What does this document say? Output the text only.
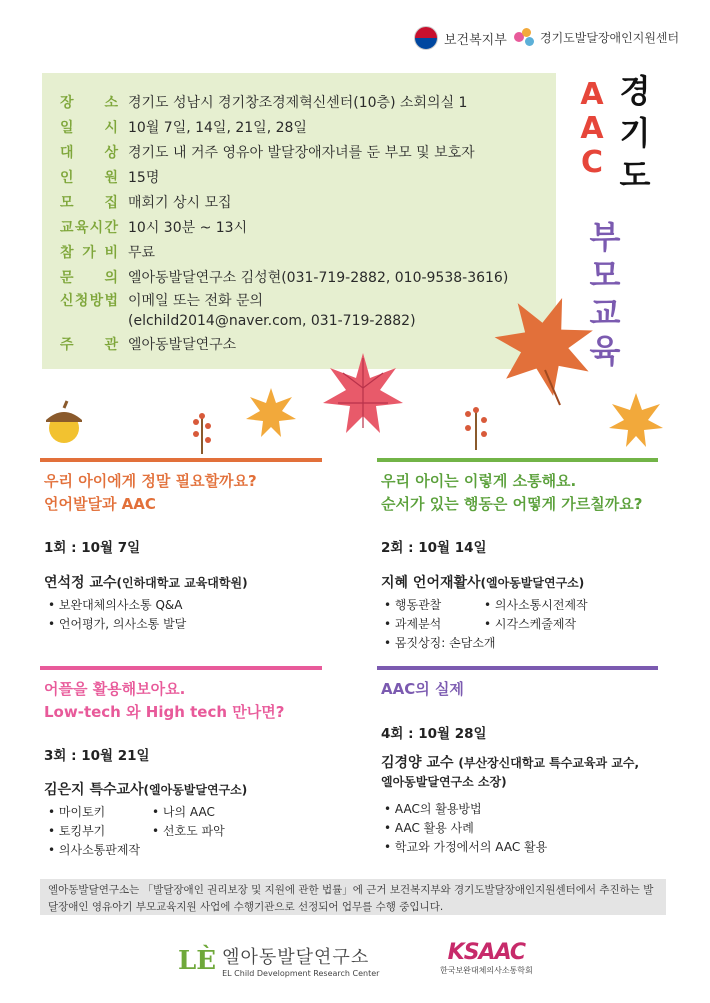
보건복지부	경기도발달장애인지원센터
장 소 경기도 성남시 경기창조경제혁신센터(10층) 소회의실 1
일 시 10월 7일, 14일, 21일, 28일
대 상 경기도 내 거주 영유아 발달장애자녀를 둔 부모 및 보호자
인 원 15명
모 집 매회기 상시 모집
교 육 시 간 10시 30분 ~ 13시
참 가 비 무료
문 의 엘아동발달연구소 김성현(031-719-2882, 010-9538-3616)
신 청 방 법 이메일 또는 전화 문의
(elchild2014@naver.com, 031-719-2882)
주 관 엘아동발달연구소
A
A
C
경
기
도
부
모
교
육
우리 아이에게 정말 필요할까요?
언어발달과 AAC
1회 : 10월 7일
연석정 교수(인하대학교 교육대학원)
• 보완대체의사소통 Q&A
• 언어평가, 의사소통 발달
우리 아이는 이렇게 소통해요.
순서가 있는 행동은 어떻게 가르칠까요?
2회 : 10월 14일
지혜 언어재활사(엘아동발달연구소)
• 행동관찰
• 과제분석
• 몸짓상징: 손담소개
• 의사소통시전제작
• 시각스케줄제작
어플을 활용해보아요.
Low-tech 와 High tech 만나면?
3회 : 10월 21일
김은지 특수교사(엘아동발달연구소)
• 마이토키
• 토킹부기
• 의사소통판제작
• 나의 AAC
• 선호도 파악
AAC의 실제
4회 : 10월 28일
김경양 교수 (부산장신대학교 특수교육과 교수,
엘아동발달연구소 소장)
• AAC의 활용방법
• AAC 활용 사례
• 학교와 가정에서의 AAC 활용
엘아동발달연구소는 「발달장애인 권리보장 및 지원에 관한 법률」에 근거 보건복지부와 경기도발달장애인지원센터에서 추진하는 발달장애인 영유아기 부모교육지원 사업에 수행기관으로 선정되어 업무를 수행 중입니다.
LÈ 엘아동발달연구소
EL Child Development Research Center
KSAAC
한국보완대체의사소통학회
